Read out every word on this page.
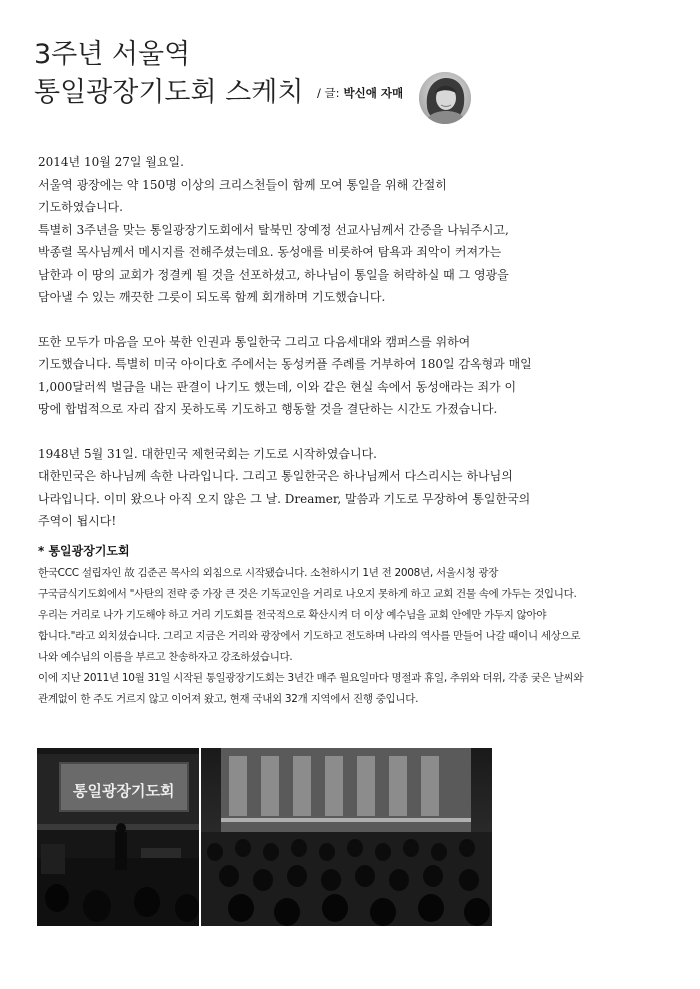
3주년 서울역
통일광장기도회 스케치 / 글: 박신애 자매

2014년 10월 27일 월요일.
서울역 광장에는 약 150명 이상의 크리스천들이 함께 모여 통일을 위해 간절히
기도하였습니다.
특별히 3주년을 맞는 통일광장기도회에서 탈북민 장예정 선교사님께서 간증을 나눠주시고,
박종렬 목사님께서 메시지를 전해주셨는데요. 동성애를 비롯하여 탐욕과 죄악이 커져가는
남한과 이 땅의 교회가 정결케 될 것을 선포하셨고, 하나님이 통일을 허락하실 때 그 영광을
담아낼 수 있는 깨끗한 그릇이 되도록 함께 회개하며 기도했습니다.

또한 모두가 마음을 모아 북한 인권과 통일한국 그리고 다음세대와 캠퍼스를 위하여
기도했습니다. 특별히 미국 아이다호 주에서는 동성커플 주례를 거부하여 180일 감옥형과 매일
1,000달러씩 벌금을 내는 판결이 나기도 했는데, 이와 같은 현실 속에서 동성애라는 죄가 이
땅에 합법적으로 자리 잡지 못하도록 기도하고 행동할 것을 결단하는 시간도 가졌습니다.

1948년 5월 31일. 대한민국 제헌국회는 기도로 시작하였습니다.
대한민국은 하나님께 속한 나라입니다. 그리고 통일한국은 하나님께서 다스리시는 하나님의
나라입니다. 이미 왔으나 아직 오지 않은 그 날. Dreamer, 말씀과 기도로 무장하여 통일한국의
주역이 됩시다!

* 통일광장기도회
한국CCC 설립자인 故 김준곤 목사의 외침으로 시작됐습니다. 소천하시기 1년 전 2008년, 서울시청 광장
구국금식기도회에서 "사탄의 전략 중 가장 큰 것은 기독교인을 거리로 나오지 못하게 하고 교회 건물 속에 가두는 것입니다.
우리는 거리로 나가 기도해야 하고 거리 기도회를 전국적으로 확산시켜 더 이상 예수님을 교회 안에만 가두지 않아야
합니다."라고 외치셨습니다. 그리고 지금은 거리와 광장에서 기도하고 전도하며 나라의 역사를 만들어 나갈 때이니 세상으로
나와 예수님의 이름을 부르고 찬송하자고 강조하셨습니다.
이에 지난 2011년 10월 31일 시작된 통일광장기도회는 3년간 매주 월요일마다 명절과 휴일, 추위와 더위, 각종 궂은 날씨와
관계없이 한 주도 거르지 않고 이어져 왔고, 현재 국내외 32개 지역에서 진행 중입니다.
통일광장기도회
